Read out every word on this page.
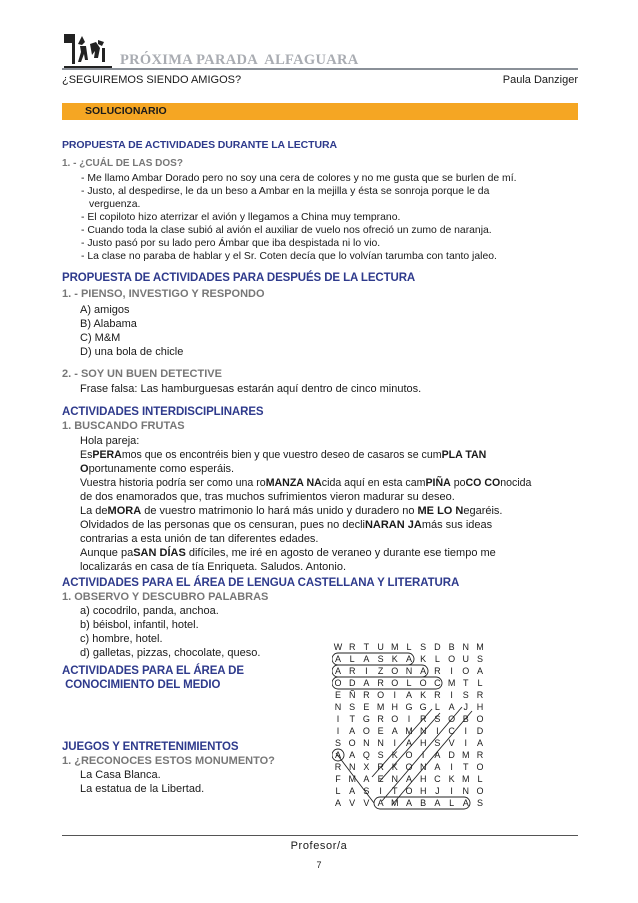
PRÓXIMA PARADA  ALFAGUARA
¿SEGUIREMOS SIENDO AMIGOS?	Paula Danziger
SOLUCIONARIO
PROPUESTA DE ACTIVIDADES DURANTE LA LECTURA
1. - ¿CUÁL DE LAS DOS?
- Me llamo Ambar Dorado pero no soy una cera de colores y no me gusta que se burlen de mí.
- Justo, al despedirse, le da un beso a Ambar en la mejilla y ésta se sonroja porque le da
verguenza.
- El copiloto hizo aterrizar el avión y llegamos a China muy temprano.
- Cuando toda la clase subió al avión el auxiliar de vuelo nos ofreció un zumo de naranja.
- Justo pasó por su lado pero Ámbar que iba despistada ni lo vio.
- La clase no paraba de hablar y el Sr. Coten decía que lo volvían tarumba con tanto jaleo.
PROPUESTA DE ACTIVIDADES PARA DESPUÉS DE LA LECTURA
1. - PIENSO, INVESTIGO Y RESPONDO
A) amigos
B) Alabama
C) M&M
D) una bola de chicle
2. - SOY UN BUEN DETECTIVE
Frase falsa: Las hamburguesas estarán aquí dentro de cinco minutos.
ACTIVIDADES INTERDISCIPLINARES
1. BUSCANDO FRUTAS
Hola pareja:
EsPERAmos que os encontréis bien y que vuestro deseo de casaros se cumPLA TAN
Oportunamente como esperáis.
Vuestra historia podría ser como una roMANZA NAcida aquí en esta camPIÑA poCO COnocida
de dos enamorados que, tras muchos sufrimientos vieron madurar su deseo.
La deMORA de vuestro matrimonio lo hará más unido y duradero no ME LO Negaréis.
Olvidados de las personas que os censuran, pues no decliNARAN JAmás sus ideas
contrarias a esta unión de tan diferentes edades.
Aunque paSAN DÍAS difíciles, me iré en agosto de veraneo y durante ese tiempo me
localizarás en casa de tía Enriqueta. Saludos. Antonio.
ACTIVIDADES PARA EL ÁREA DE LENGUA CASTELLANA Y LITERATURA
1. OBSERVO Y DESCUBRO PALABRAS
a) cocodrilo, panda, anchoa.
b) béisbol, infantil, hotel.
c) hombre, hotel.
d) galletas, pizzas, chocolate, queso.
ACTIVIDADES PARA EL ÁREA DE
CONOCIMIENTO DEL MEDIO
JUEGOS Y ENTRETENIMIENTOS
1. ¿RECONOCES ESTOS MONUMENTO?
La Casa Blanca.
La estatua de la Libertad.
W R T U M L S D B N M
A L A S K A K L O U S
A R	I	Z O N A R	I	O A
O D A R O L O C M T L
E Ñ R O	I	A K R	I	S R
N S E M H G G L A J H
I	T G R O	I	R S O B O
I	A O E A M N	I	C	I	D
S O N N	I	A H S V	I	A
A A Q S K O	I	A D M R
R N X R K O N A	I	T O
F M A E N A H C K M L
L A S	I	T O H J	I	N O
A V V A M A B A L A S
Profesor/a
7
